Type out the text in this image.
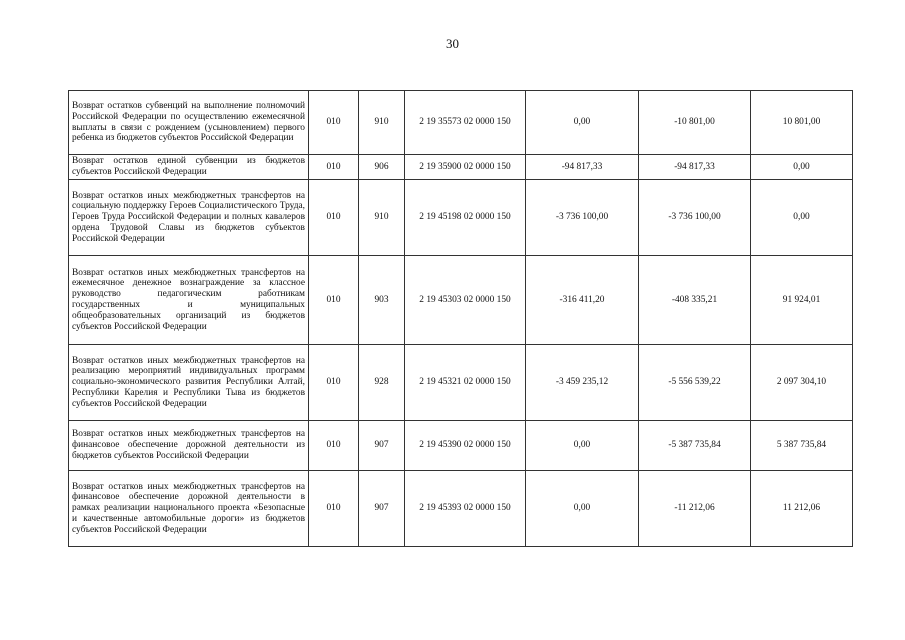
30
Возврат остатков субвенций на выполнение полномочий Российской Федерации по осуществлению ежемесячной выплаты в связи с рождением (усыновлением) первого ребенка из бюджетов субъектов Российской Федерации	010	910	2 19 35573 02 0000 150	0,00	-10 801,00	10 801,00
Возврат остатков единой субвенции из бюджетов субъектов Российской Федерации	010	906	2 19 35900 02 0000 150	-94 817,33	-94 817,33	0,00
Возврат остатков иных межбюджетных трансфертов на социальную поддержку Героев Социалистического Труда, Героев Труда Российской Федерации и полных кавалеров ордена Трудовой Славы из бюджетов субъектов Российской Федерации	010	910	2 19 45198 02 0000 150	-3 736 100,00	-3 736 100,00	0,00
Возврат остатков иных межбюджетных трансфертов на ежемесячное денежное вознаграждение за классное руководство педагогическим работникам государственных и муниципальных общеобразовательных организаций из бюджетов субъектов Российской Федерации	010	903	2 19 45303 02 0000 150	-316 411,20	-408 335,21	91 924,01
Возврат остатков иных межбюджетных трансфертов на реализацию мероприятий индивидуальных программ социально-экономического развития Республики Алтай, Республики Карелия и Республики Тыва из бюджетов субъектов Российской Федерации	010	928	2 19 45321 02 0000 150	-3 459 235,12	-5 556 539,22	2 097 304,10
Возврат остатков иных межбюджетных трансфертов на финансовое обеспечение дорожной деятельности из бюджетов субъектов Российской Федерации	010	907	2 19 45390 02 0000 150	0,00	-5 387 735,84	5 387 735,84
Возврат остатков иных межбюджетных трансфертов на финансовое обеспечение дорожной деятельности в рамках реализации национального проекта «Безопасные и качественные автомобильные дороги» из бюджетов субъектов Российской Федерации	010	907	2 19 45393 02 0000 150	0,00	-11 212,06	11 212,06
